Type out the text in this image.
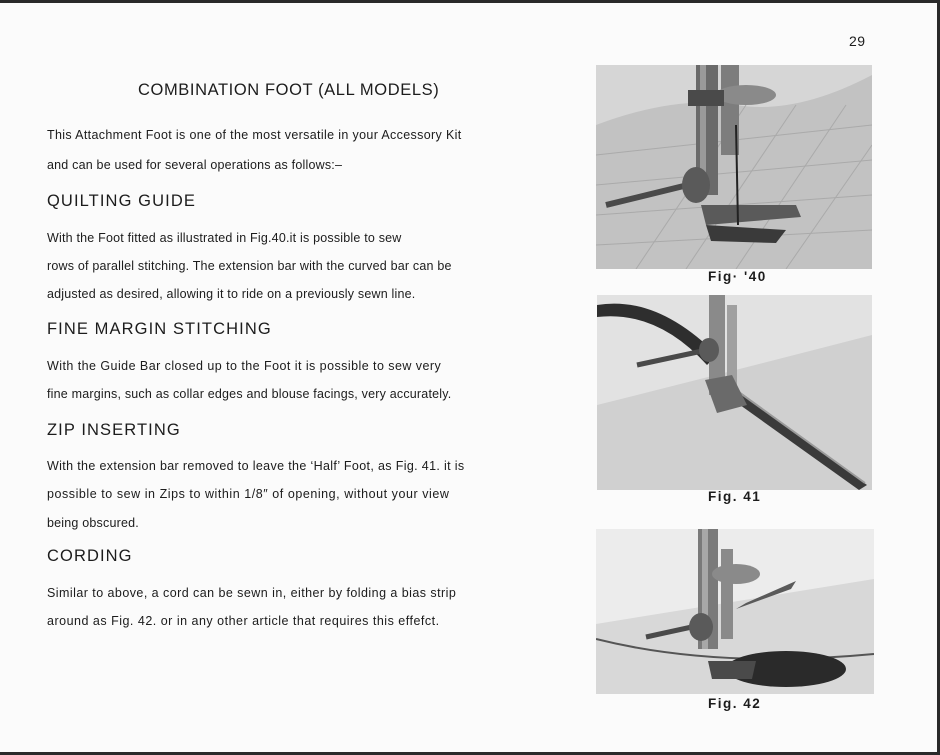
29
COMBINATION FOOT (ALL MODELS)
This Attachment Foot is one of the most versatile in your Accessory Kit
and can be used for several operations as follows:–
QUILTING GUIDE
With the Foot fitted as illustrated in Fig.40.it is possible to sew
rows of parallel stitching. The extension bar with the curved bar can be
adjusted as desired, allowing it to ride on a previously sewn line.
FINE MARGIN STITCHING
With the Guide Bar closed up to the Foot it is possible to sew very
fine margins, such as collar edges and blouse facings, very accurately.
ZIP INSERTING
With the extension bar removed to leave the ‘Half’ Foot, as Fig. 41. it is
possible to sew in Zips to within 1/8″ of opening, without your view
being obscured.
CORDING
Similar to above, a cord can be sewn in, either by folding a bias strip
around as Fig. 42. or in any other article that requires this effefct.
Fig· '40
Fig. 41
Fig. 42
